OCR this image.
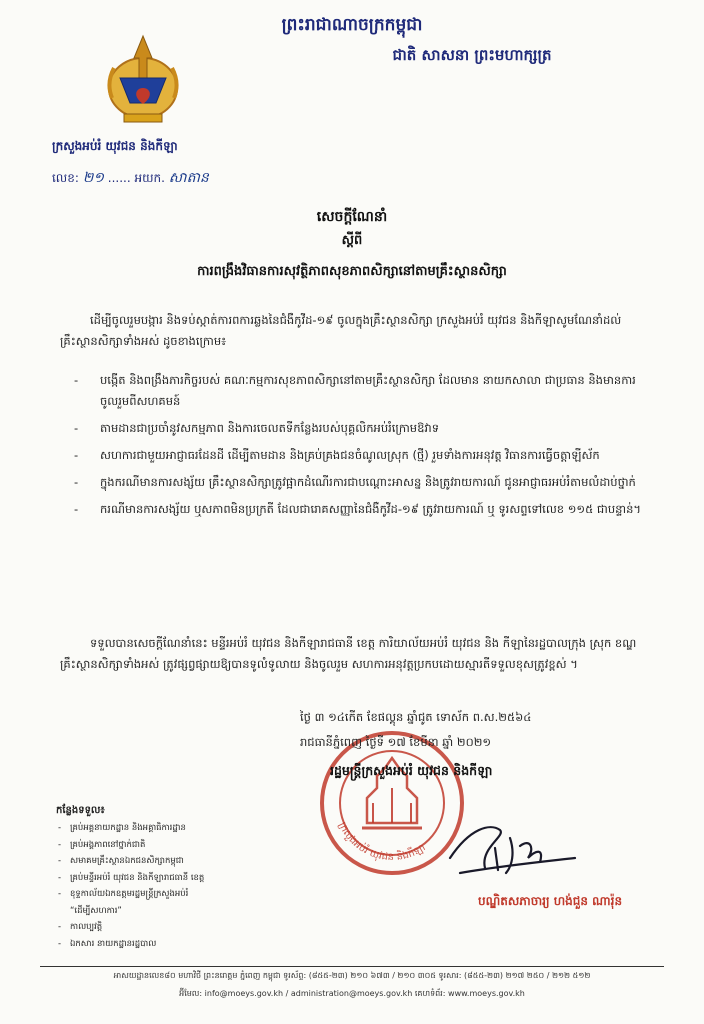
ព្រះរាជាណាចក្រកម្ពុជា
ជាតិ សាសនា ព្រះមហាក្សត្រ
ក្រសួងអប់រំ យុវជន និងកីឡា
លេខ: ២១ ...... អយក. សាតាន
សេចក្តីណែនាំ
ស្តីពី
ការពង្រឹងវិធានការសុវត្ថិភាពសុខភាពសិក្សានៅតាមគ្រឹះស្ថានសិក្សា
ដើម្បីចូលរួមបង្ការ និងទប់ស្កាត់ការពការឆ្លងនៃជំងឺកូវីដ-១៩ ចូលក្នុងគ្រឹះស្ថានសិក្សា ក្រសួងអប់រំ យុវជន និងកីឡាសូមណែនាំដល់គ្រឹះស្ថានសិក្សាទាំងអស់ ដូចខាងក្រោម៖
- បង្កើត និងពង្រឹងភារកិច្ចរបស់ គណៈកម្មការសុខភាពសិក្សានៅតាមគ្រឹះស្ថានសិក្សា ដែលមាន នាយកសាលា ជាប្រធាន និងមានការចូលរួមពីសហគមន៍
- តាមដានជាប្រចាំនូវសកម្មភាព និងការចេលតទីកន្លែងរបស់បុគ្គលិកអប់រំក្រោមឱវាទ
- សហការជាមួយអាជ្ញាធរដែនដី ដើម្បីតាមដាន និងគ្រប់គ្រងជនចំណូលស្រុក (ថ្មី) រួមទាំងការអនុវត្ត វិធានការធ្វើចត្តាឡីស័ក
- ក្នុងករណីមានការសង្ស័យ គ្រឹះស្ថានសិក្សាត្រូវផ្អាកដំណើរការជាបណ្តោះអាសន្ន និងត្រូវរាយការណ៍ ជូនអាជ្ញាធរអប់រំតាមលំដាប់ថ្នាក់
- ករណីមានការសង្ស័យ ឬសភាពមិនប្រក្រតី ដែលជារោគសញ្ញានៃជំងឺកូវីដ-១៩ ត្រូវរាយការណ៍ ឬ ទូរសព្ទទៅលេខ ១១៥ ជាបន្ទាន់។
ទទួលបានសេចក្តីណែនាំនេះ មន្ទីរអប់រំ យុវជន និងកីឡារាជធានី ខេត្ត ការិយាល័យអប់រំ យុវជន និង កីឡានៃរដ្ឋបាលក្រុង ស្រុក ខណ្ឌ គ្រឹះស្ថានសិក្សាទាំងអស់ ត្រូវផ្សព្វផ្សាយឱ្យបានទូលំទូលាយ និងចូលរួម សហការអនុវត្តប្រកបដោយស្មារតីទទួលខុសត្រូវខ្ពស់ ។
ក្រសួងអប់រំ យុវជន និងកីឡា
ថ្ងៃ ៣ ១៤កើត ខែផល្គុន ឆ្នាំជូត ទោស័ក ព.ស.២៥៦៤
រាជធានីភ្នំពេញ ថ្ងៃទី ១៧ ខែមីនា ឆ្នាំ ២០២១
រដ្ឋមន្ត្រីក្រសួងអប់រំ យុវជន និងកីឡា
បណ្ឌិតសភាចារ្យ ហង់ជួន ណារ៉ុន
កន្លែងទទួល៖
- គ្រប់អគ្គនាយកដ្ឋាន និងអគ្គាធិការដ្ឋាន
- គ្រប់អង្គភាពនៅថ្នាក់ជាតិ
- សមាគមគ្រឹះស្ថានឯកជនសិក្សាកម្ពុជា
- គ្រប់មន្ទីរអប់រំ យុវជន និងកីឡារាជធានី ខេត្ត
- ខុទ្ទកាល័យឯកឧត្តមរដ្ឋមន្ត្រីក្រសួងអប់រំ
“ដើម្បីសហការ”
- កាលប្បវត្តិ
- ឯកសារ នាយកដ្ឋានរដ្ឋបាល
អាសយដ្ឋានលេខ៨០ មហាវិថី ព្រះនរោត្តម ភ្នំពេញ កម្ពុជា ទូរស័ព្ទ: (៨៥៥-២៣) ២១០ ៦៧៣ / ២១០ ៣០៥ ទូរសារ: (៨៥៥-២៣) ២១៧ ២៥០ / ២១២ ៥១២
អ៊ីមែល: info@moeys.gov.kh / administration@moeys.gov.kh គេហទំព័រ: www.moeys.gov.kh
